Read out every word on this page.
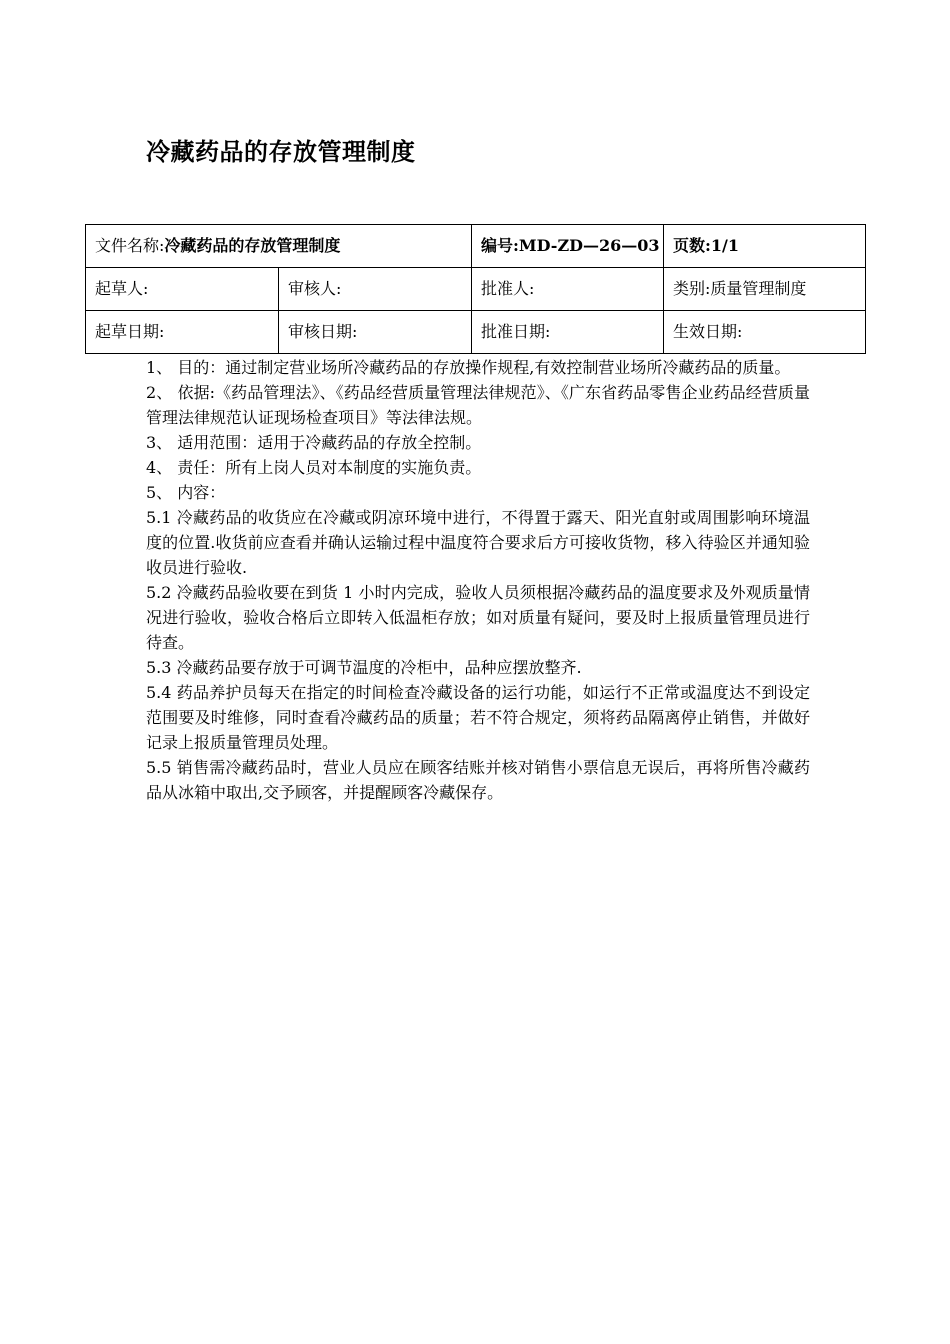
冷藏药品的存放管理制度
文件名称:冷藏药品的存放管理制度		编号:MD-ZD—26—03	页数:1/1
起草人:	审核人:	批准人:	类别:质量管理制度
起草日期:	审核日期:	批准日期:	生效日期:

1、 目的：通过制定营业场所冷藏药品的存放操作规程,有效控制营业场所冷藏药品的质量。

2、 依据:《药品管理法》、《药品经营质量管理法律规范》、《广东省药品零售企业药品经营质量管理法律规范认证现场检查项目》等法律法规。

3、 适用范围：适用于冷藏药品的存放全控制。

4、 责任：所有上岗人员对本制度的实施负责。

5、 内容：

5.1 冷藏药品的收货应在冷藏或阴凉环境中进行，不得置于露天、阳光直射或周围影响环境温度的位置.收货前应查看并确认运输过程中温度符合要求后方可接收货物，移入待验区并通知验收员进行验收.

5.2 冷藏药品验收要在到货 1 小时内完成，验收人员须根据冷藏药品的温度要求及外观质量情况进行验收，验收合格后立即转入低温柜存放；如对质量有疑问，要及时上报质量管理员进行待查。

5.3 冷藏药品要存放于可调节温度的冷柜中，品种应摆放整齐.

5.4 药品养护员每天在指定的时间检查冷藏设备的运行功能，如运行不正常或温度达不到设定范围要及时维修，同时查看冷藏药品的质量；若不符合规定，须将药品隔离停止销售，并做好记录上报质量管理员处理。

5.5 销售需冷藏药品时，营业人员应在顾客结账并核对销售小票信息无误后，再将所售冷藏药品从冰箱中取出,交予顾客，并提醒顾客冷藏保存。
